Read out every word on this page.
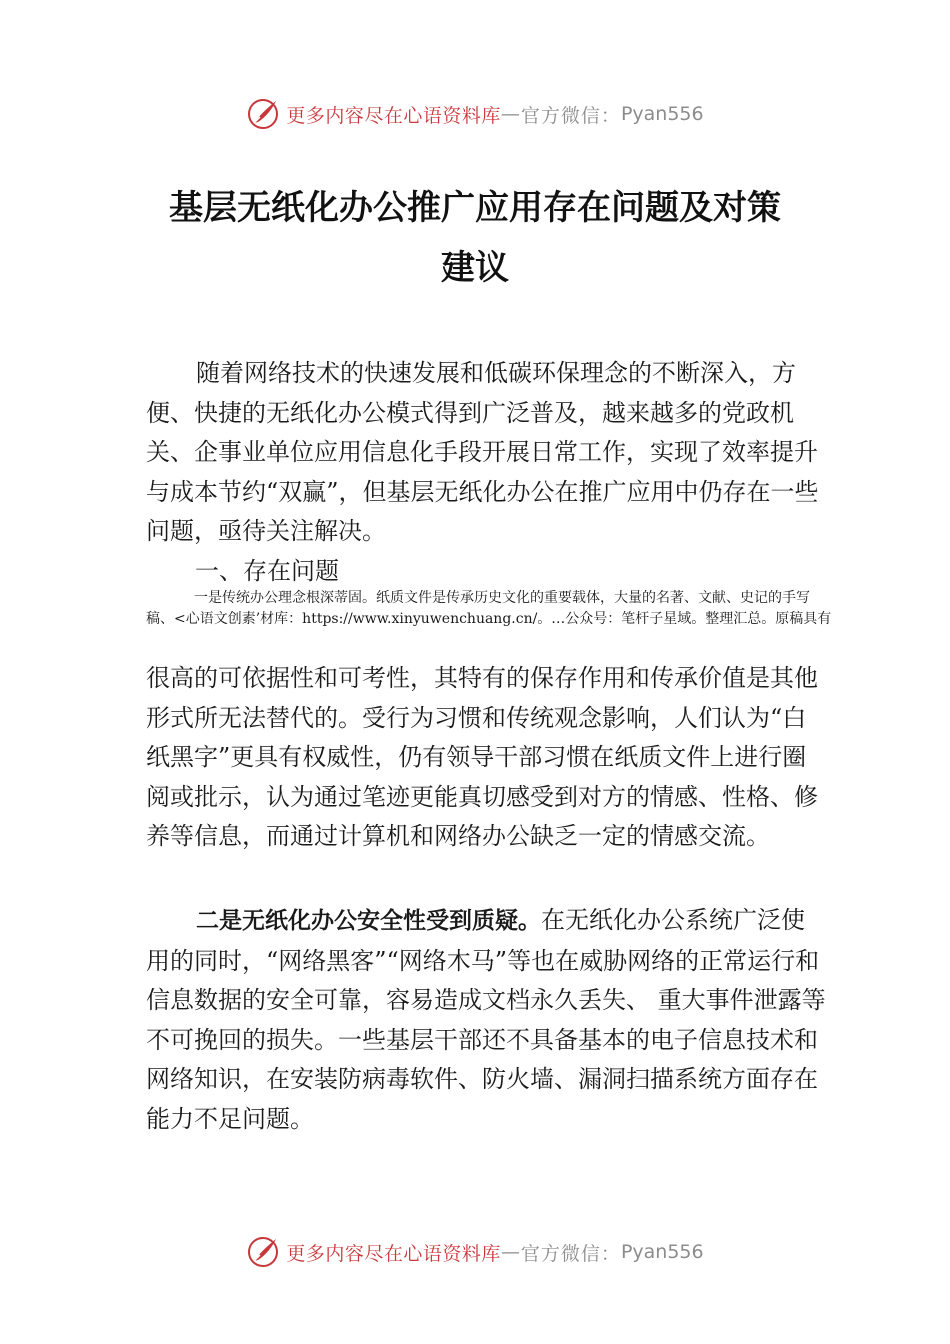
更多内容尽在心语资料库 — 官方微信： Pyan556
基层无纸化办公推广应用存在问题及对策
建议
随着网络技术的快速发展和低碳环保理念的不断深入，方便、快捷的无纸化办公模式得到广泛普及，越来越多的党政机关、企事业单位应用信息化手段开展日常工作，实现了效率提升与成本节约“双赢”，但基层无纸化办公在推广应用中仍存在一些问题，亟待关注解决。
一、存在问题
一是传统办公理念根深蒂固。纸质文件是传承历史文化的重要载体，大量的名著、文献、史记的手写稿、<心语文创素’材库：https://www.xinyuwenchuang.cn/。…公众号：笔杆子星域。整理汇总。原稿具有
很高的可依据性和可考性，其特有的保存作用和传承价值是其他形式所无法替代的。受行为习惯和传统观念影响，人们认为“白纸黑字”更具有权威性，仍有领导干部习惯在纸质文件上进行圈阅或批示，认为通过笔迹更能真切感受到对方的情感、性格、修养等信息，而通过计算机和网络办公缺乏一定的情感交流。
二是无纸化办公安全性受到质疑。在无纸化办公系统广泛使用的同时，“网络黑客”“网络木马”等也在威胁网络的正常运行和信息数据的安全可靠，容易造成文档永久丢失、 重大事件泄露等不可挽回的损失。一些基层干部还不具备基本的电子信息技术和网络知识，在安装防病毒软件、防火墙、漏洞扫描系统方面存在能力不足问题。
更多内容尽在心语资料库 — 官方微信： Pyan556
